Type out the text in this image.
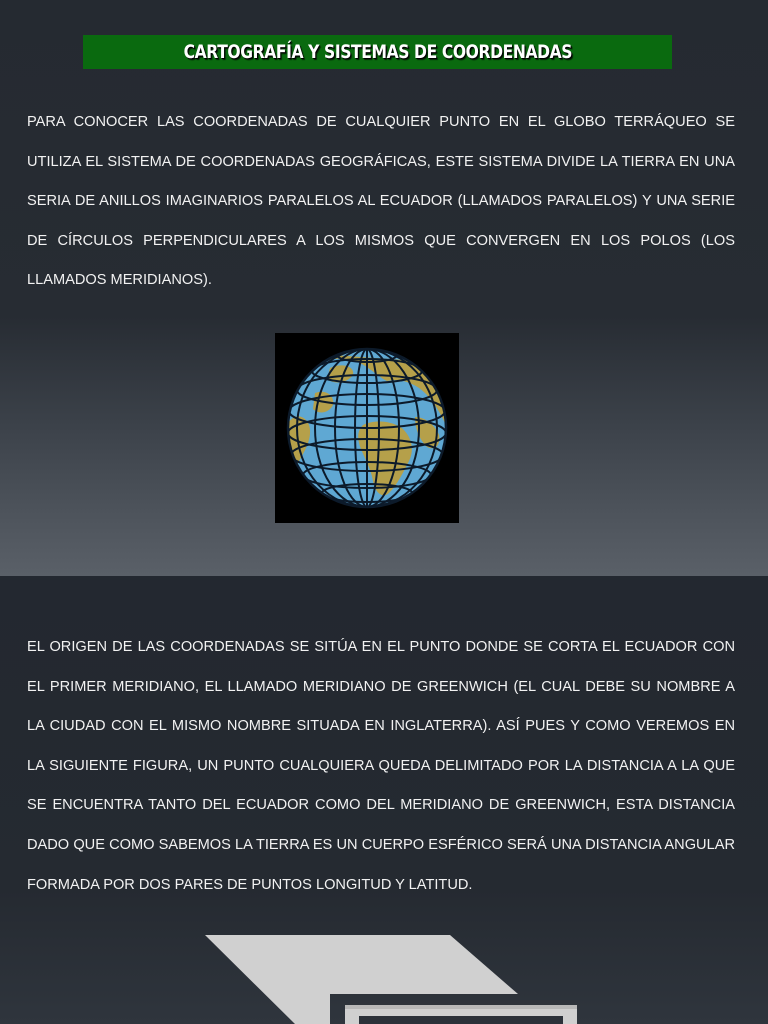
CARTOGRAFÍA Y SISTEMAS DE COORDENADAS

PARA CONOCER LAS COORDENADAS DE CUALQUIER PUNTO EN EL GLOBO TERRÁQUEO SE UTILIZA EL SISTEMA DE COORDENADAS GEOGRÁFICAS, ESTE SISTEMA DIVIDE LA TIERRA EN UNA SERIA DE ANILLOS IMAGINARIOS PARALELOS AL ECUADOR (LLAMADOS PARALELOS) Y UNA SERIE DE CÍRCULOS PERPENDICULARES A LOS MISMOS QUE CONVERGEN EN LOS POLOS (LOS LLAMADOS MERIDIANOS).

EL ORIGEN DE LAS COORDENADAS SE SITÚA EN EL PUNTO DONDE SE CORTA EL ECUADOR CON EL PRIMER MERIDIANO, EL LLAMADO MERIDIANO DE GREENWICH (EL CUAL DEBE SU NOMBRE A LA CIUDAD CON EL MISMO NOMBRE SITUADA EN INGLATERRA). ASÍ PUES Y COMO VEREMOS EN LA SIGUIENTE FIGURA, UN PUNTO CUALQUIERA QUEDA DELIMITADO POR LA DISTANCIA A LA QUE SE ENCUENTRA TANTO DEL ECUADOR COMO DEL MERIDIANO DE GREENWICH, ESTA DISTANCIA DADO QUE COMO SABEMOS LA TIERRA ES UN CUERPO ESFÉRICO SERÁ UNA DISTANCIA ANGULAR FORMADA POR DOS PARES DE PUNTOS LONGITUD Y LATITUD.
